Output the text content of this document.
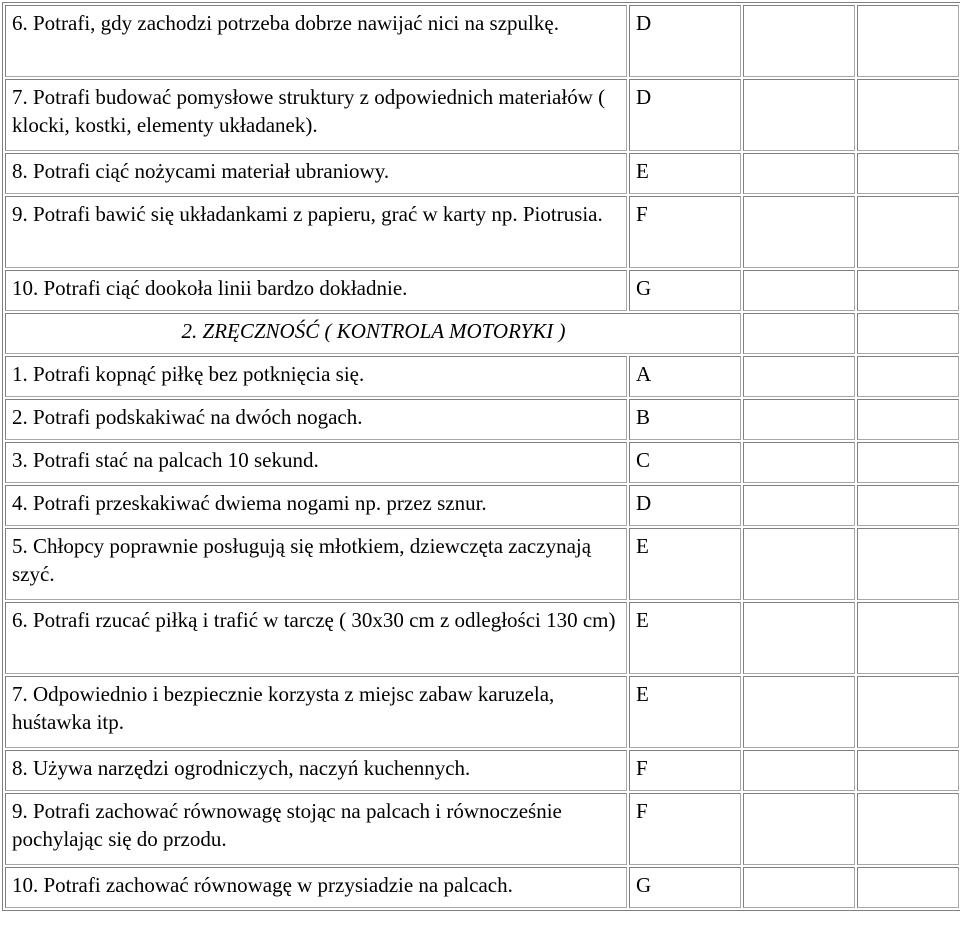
6. Potrafi, gdy zachodzi potrzeba dobrze nawijać nici na szpulkę.	D		
7. Potrafi budować pomysłowe struktury z odpowiednich materiałów ( klocki, kostki, elementy układanek).	D		
8. Potrafi ciąć nożycami materiał ubraniowy.	E		
9. Potrafi bawić się układankami z papieru, grać w karty np. Piotrusia.	F		
10. Potrafi ciąć dookoła linii bardzo dokładnie.	G		
2. ZRĘCZNOŚĆ ( KONTROLA MOTORYKI )			
1. Potrafi kopnąć piłkę bez potknięcia się.	A		
2. Potrafi podskakiwać na dwóch nogach.	B		
3. Potrafi stać na palcach 10 sekund.	C		
4. Potrafi przeskakiwać dwiema nogami np. przez sznur.	D		
5. Chłopcy poprawnie posługują się młotkiem, dziewczęta zaczynają szyć.	E		
6. Potrafi rzucać piłką i trafić w tarczę ( 30x30 cm z odległości 130 cm)	E		
7. Odpowiednio i bezpiecznie korzysta z miejsc zabaw karuzela, huśtawka itp.	E		
8. Używa narzędzi ogrodniczych, naczyń kuchennych.	F		
9. Potrafi zachować równowagę stojąc na palcach i równocześnie pochylając się do przodu.	F		
10. Potrafi zachować równowagę w przysiadzie na palcach.	G		
